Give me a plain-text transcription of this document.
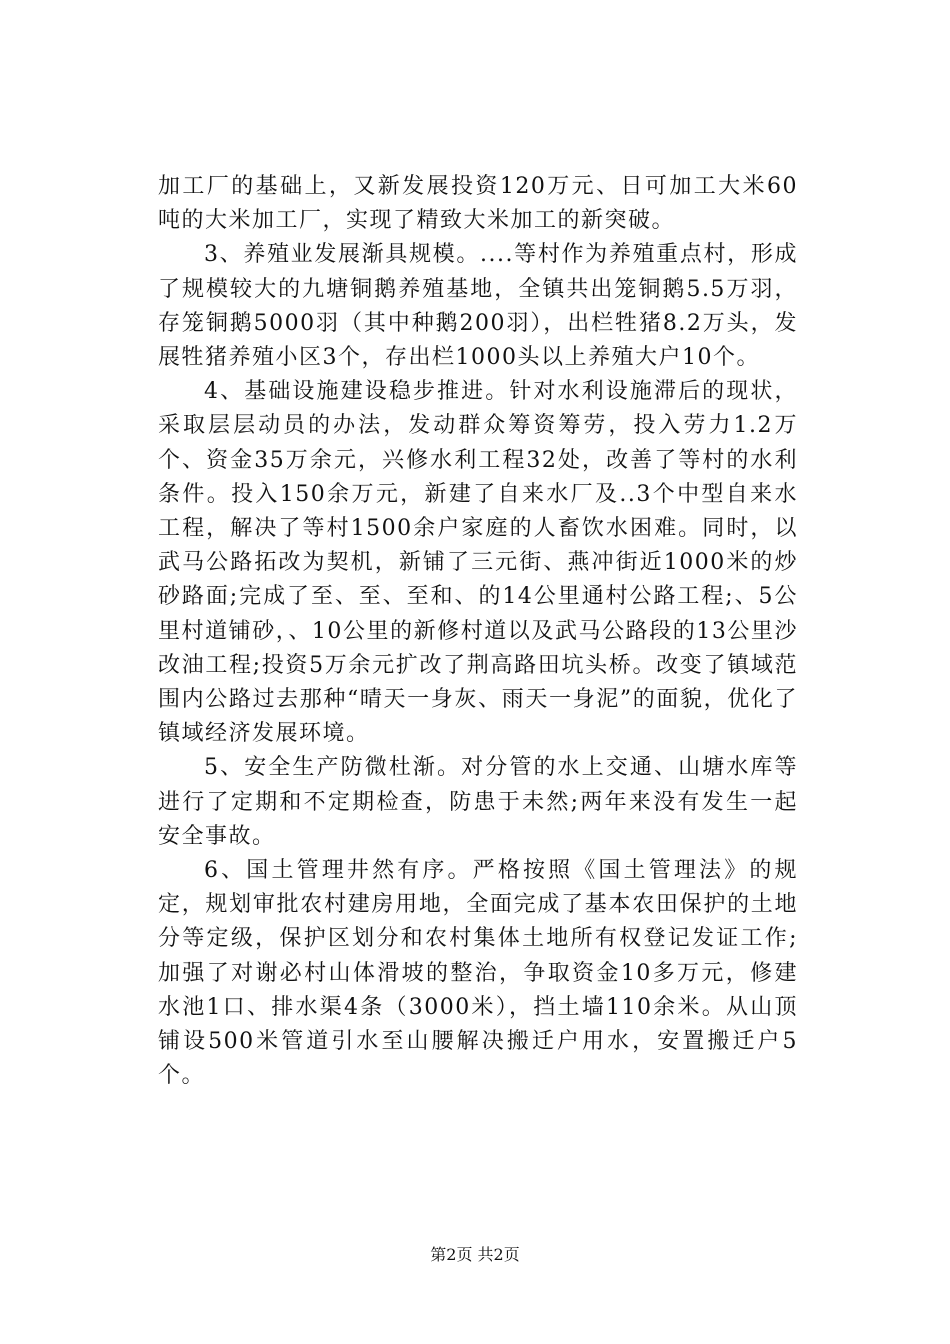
加工厂的基础上，又新发展投资120万元、日可加工大米60吨的大米加工厂，实现了精致大米加工的新突破。

3、养殖业发展渐具规模。....等村作为养殖重点村，形成了规模较大的九塘铜鹅养殖基地，全镇共出笼铜鹅5.5万羽，存笼铜鹅5000羽（其中种鹅200羽），出栏牲猪8.2万头，发展牲猪养殖小区3个，存出栏1000头以上养殖大户10个。

4、基础设施建设稳步推进。针对水利设施滞后的现状，采取层层动员的办法，发动群众筹资筹劳，投入劳力1.2万个、资金35万余元，兴修水利工程32处，改善了等村的水利条件。投入150余万元，新建了自来水厂及..3个中型自来水工程，解决了等村1500余户家庭的人畜饮水困难。同时，以武马公路拓改为契机，新铺了三元街、燕冲街近1000米的炒砂路面;完成了至、至、至和、的14公里通村公路工程;、5公里村道铺砂，、10公里的新修村道以及武马公路段的13公里沙改油工程;投资5万余元扩改了荆高路田坑头桥。改变了镇域范围内公路过去那种“晴天一身灰、雨天一身泥”的面貌，优化了镇域经济发展环境。

5、安全生产防微杜渐。对分管的水上交通、山塘水库等进行了定期和不定期检查，防患于未然;两年来没有发生一起安全事故。

6、国土管理井然有序。严格按照《国土管理法》的规定，规划审批农村建房用地，全面完成了基本农田保护的土地分等定级，保护区划分和农村集体土地所有权登记发证工作;加强了对谢必村山体滑坡的整治，争取资金10多万元，修建水池1口、排水渠4条（3000米），挡土墙110余米。从山顶铺设500米管道引水至山腰解决搬迁户用水，安置搬迁户5个。

第2页 共2页
